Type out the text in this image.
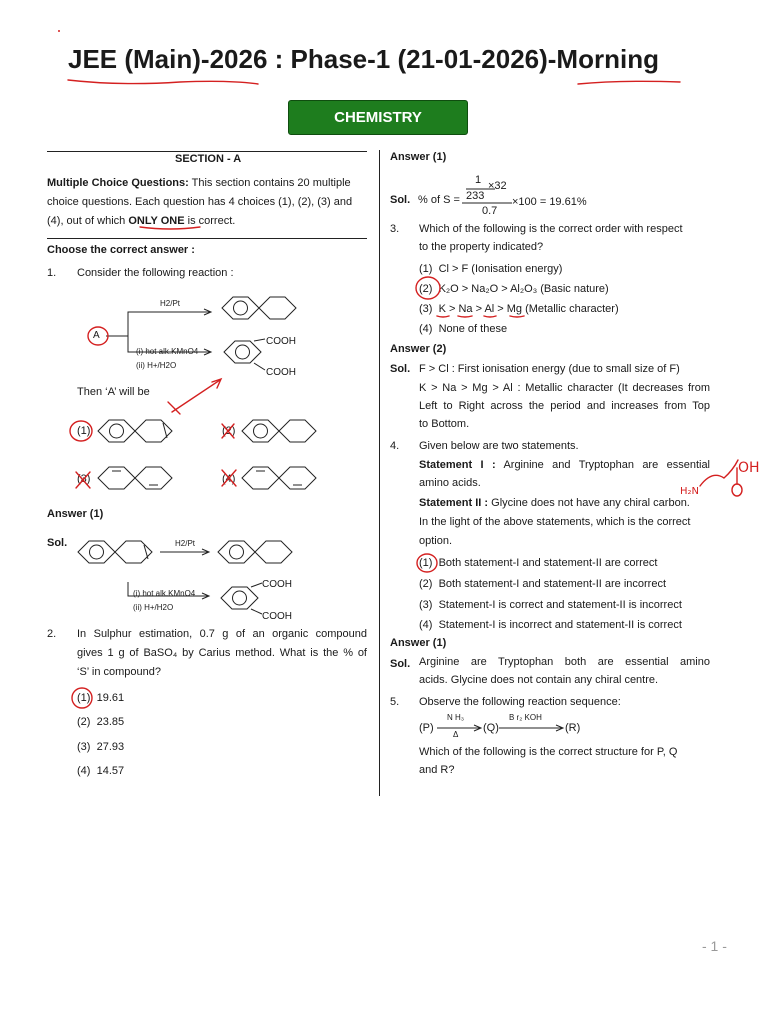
JEE (Main)-2026 : Phase-1 (21-01-2026)-Morning
CHEMISTRY
SECTION - A
Multiple Choice Questions: This section contains 20 multiple
choice questions. Each question has 4 choices (1), (2), (3) and
(4), out of which ONLY ONE is correct.
Choose the correct answer :
1. Consider the following reaction :
H2/Pt
A
(i) hot alk.KMnO4
(ii) H+/H2O
COOH
COOH
Then ‘A’ will be
(1)	(2)
(3)	(4)
Answer (1)
Sol.	H2/Pt
(i) hot alk.KMnO4
(ii) H+/H2O
COOH
COOH
2. In Sulphur estimation, 0.7 g of an organic compound
gives 1 g of BaSO₄ by Carius method. What is the % of
‘S’ in compound?
(1) 19.61
(2) 23.85
(3) 27.93
(4) 14.57
Answer (1)
Sol. % of S =
1 ×32
233	×100 = 19.61%
0.7
3. Which of the following is the correct order with respect
to the property indicated?
(1) Cl > F (Ionisation energy)
(2) K₂O > Na₂O > Al₂O₃ (Basic nature)
(3) K > Na > Al > Mg (Metallic character)
(4) None of these
Answer (2)
Sol. F > Cl : First ionisation energy (due to small size of F)
K > Na > Mg > Al : Metallic character (It decreases from
Left to Right across the period and increases from Top
to Bottom.
4. Given below are two statements.
Statement I : Arginine and Tryptophan are essential
amino acids.
Statement II : Glycine does not have any chiral carbon.
In the light of the above statements, which is the correct
option.
(1) Both statement-I and statement-II are correct
(2) Both statement-I and statement-II are incorrect
(3) Statement-I is correct and statement-II is incorrect
(4) Statement-I is incorrect and statement-II is correct
Answer (1)
Sol. Arginine are Tryptophan both are essential amino
acids. Glycine does not contain any chiral centre.
5. Observe the following reaction sequence:
(P)
N H₃
Δ
(Q)
B r₂ KOH
(R)
Which of the following is the correct structure for P, Q
and R?
- 1 -
OH
H₂N
